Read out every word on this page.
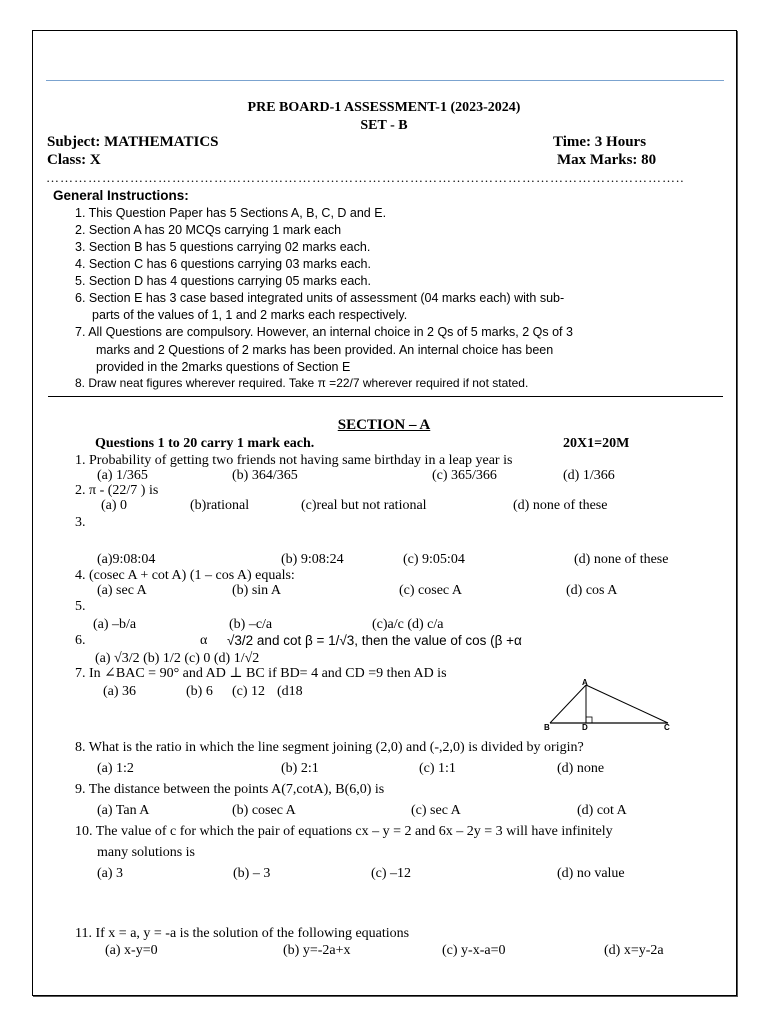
PRE BOARD-1 ASSESSMENT-1 (2023-2024)
SET - B
Subject: MATHEMATICS	Time: 3 Hours
Class: X	Max Marks: 80
………………………………………………………………………………………………………………………..
General Instructions:
1. This Question Paper has 5 Sections A, B, C, D and E.
2. Section A has 20 MCQs carrying 1 mark each
3. Section B has 5 questions carrying 02 marks each.
4. Section C has 6 questions carrying 03 marks each.
5. Section D has 4 questions carrying 05 marks each.
6. Section E has 3 case based integrated units of assessment (04 marks each) with sub-
parts of the values of 1, 1 and 2 marks each respectively.
7. All Questions are compulsory. However, an internal choice in 2 Qs of 5 marks, 2 Qs of 3
marks and 2 Questions of 2 marks has been provided. An internal choice has been
provided in the 2marks questions of Section E
8. Draw neat figures wherever required. Take π =22/7 wherever required if not stated.
SECTION – A
Questions 1 to 20 carry 1 mark each.	20X1=20M
1. Probability of getting two friends not having same birthday in a leap year is
(a) 1/365	(b) 364/365	(c) 365/366	(d) 1/366
2. π - (22/7 ) is
(a) 0	(b)rational	(c)real but not rational	(d) none of these
3.
(a)9:08:04	(b) 9:08:24	(c) 9:05:04	(d) none of these
4. (cosec A + cot A) (1 – cos A) equals:
(a) sec A	(b) sin A	(c) cosec A	(d) cos A
5.
(a) –b/a	(b) –c/a	(c)a/c (d) c/a
6.	α √3/2 and cot β = 1/√3, then the value of cos (β +α
(a) √3/2 (b) 1/2 (c) 0 (d) 1/√2
7. In ∠BAC = 90° and AD ⊥ BC if BD= 4 and CD =9 then AD is
(a) 36	(b) 6 (c) 12 (d18
A
B	D	C
8. What is the ratio in which the line segment joining (2,0) and (-,2,0) is divided by origin?
(a) 1:2	(b) 2:1	(c) 1:1	(d) none
9. The distance between the points A(7,cotA), B(6,0) is
(a) Tan A	(b) cosec A	(c) sec A	(d) cot A
10. The value of c for which the pair of equations cx – y = 2 and 6x – 2y = 3 will have infinitely
many solutions is
(a) 3	(b) – 3	(c) –12	(d) no value
11. If x = a, y = -a is the solution of the following equations
(a) x-y=0	(b) y=-2a+x	(c) y-x-a=0	(d) x=y-2a
